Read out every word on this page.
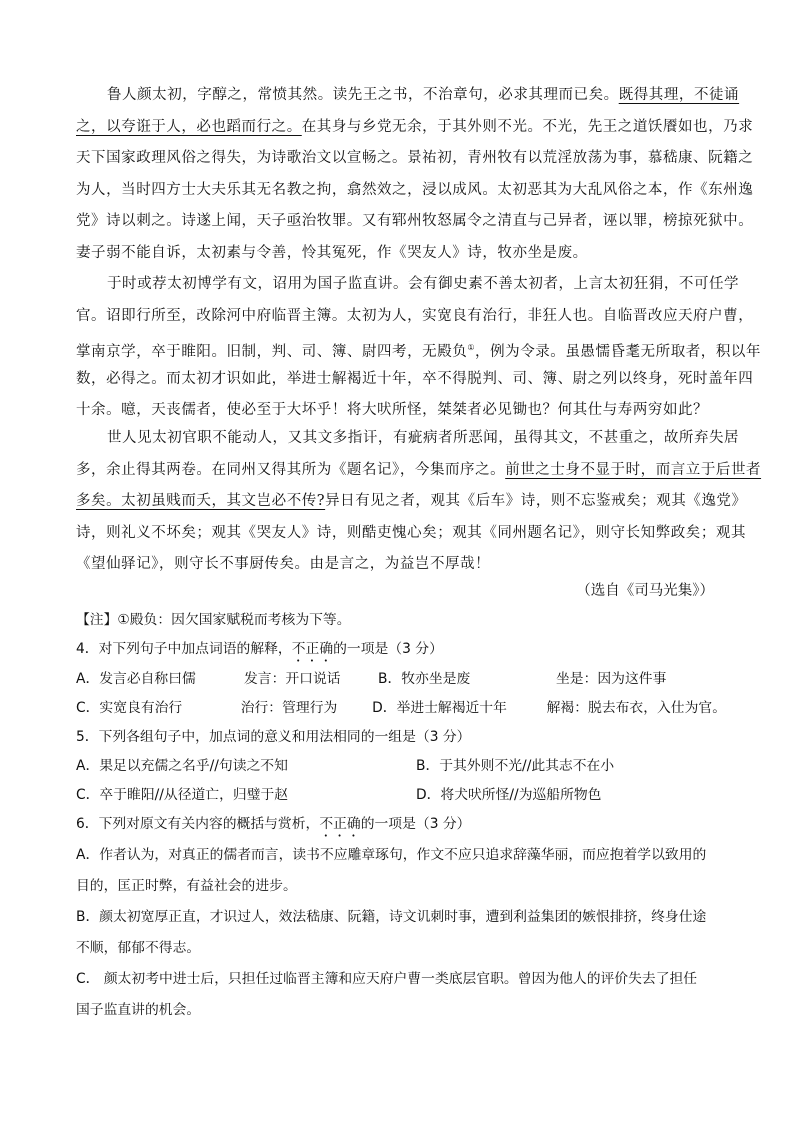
鲁人颜太初，字醇之，常愤其然。读先王之书，不治章句，必求其理而已矣。既得其理，不徒诵
之，以夸诳于人，必也蹈而行之。在其身与乡党无余，于其外则不光。不光，先王之道饫餍如也，乃求
天下国家政理风俗之得失，为诗歌治文以宣畅之。景祐初，青州牧有以荒淫放荡为事，慕嵇康、阮籍之
为人，当时四方士大夫乐其无名教之拘，翕然效之，浸以成风。太初恶其为大乱风俗之本，作《东州逸
党》诗以刺之。诗遂上闻，天子亟治牧罪。又有郓州牧怒属令之清直与己异者，诬以罪，榜掠死狱中。
妻子弱不能自诉，太初素与令善，怜其冤死，作《哭友人》诗，牧亦坐是废。
于时或荐太初博学有文，诏用为国子监直讲。会有御史素不善太初者，上言太初狂狷，不可任学
官。诏即行所至，改除河中府临晋主簿。太初为人，实宽良有治行，非狂人也。自临晋改应天府户曹，
掌南京学，卒于睢阳。旧制，判、司、簿、尉四考，无殿负①，例为令录。虽愚懦昏耄无所取者，积以年
数，必得之。而太初才识如此，举进士解褐近十年，卒不得脱判、司、簿、尉之列以终身，死时盖年四
十余。噫，天丧儒者，使必至于大坏乎！将大吠所怪，桀桀者必见锄也？何其仕与寿两穷如此？
世人见太初官职不能动人，又其文多指讦，有疵病者所恶闻，虽得其文，不甚重之，故所弃失居
多，余止得其两卷。在同州又得其所为《题名记》，今集而序之。前世之士身不显于时，而言立于后世者
多矣。太初虽贱而夭，其文岂必不传?异日有见之者，观其《后车》诗，则不忘鉴戒矣；观其《逸党》
诗，则礼义不坏矣；观其《哭友人》诗，则酷吏愧心矣；观其《同州题名记》，则守长知弊政矣；观其
《望仙驿记》，则守长不事厨传矣。由是言之，为益岂不厚哉！
（选自《司马光集》）
【注】①殿负：因欠国家赋税而考核为下等。
4．对下列句子中加点词语的解释，不正确的一项是（3 分）
A．发言必自称曰儒	发言：开口说话	B．牧亦坐是废	坐是：因为这件事
C．实宽良有治行	治行：管理行为	D．举进士解褐近十年	解褐：脱去布衣，入仕为官。
5．下列各组句子中，加点词的意义和用法相同的一组是（3 分）
A．果足以充儒之名乎//句读之不知	B．于其外则不光//此其志不在小
C．卒于睢阳//从径道亡，归璧于赵	D．将犬吠所怪//为巡船所物色
6．下列对原文有关内容的概括与赏析，不正确的一项是（3 分）
A．作者认为，对真正的儒者而言，读书不应雕章琢句，作文不应只追求辞藻华丽，而应抱着学以致用的
目的，匡正时弊，有益社会的进步。
B．颜太初宽厚正直，才识过人，效法嵇康、阮籍，诗文讥刺时事，遭到利益集团的嫉恨排挤，终身仕途
不顺，郁郁不得志。
C． 颜太初考中进士后，只担任过临晋主簿和应天府户曹一类底层官职。曾因为他人的评价失去了担任
国子监直讲的机会。
